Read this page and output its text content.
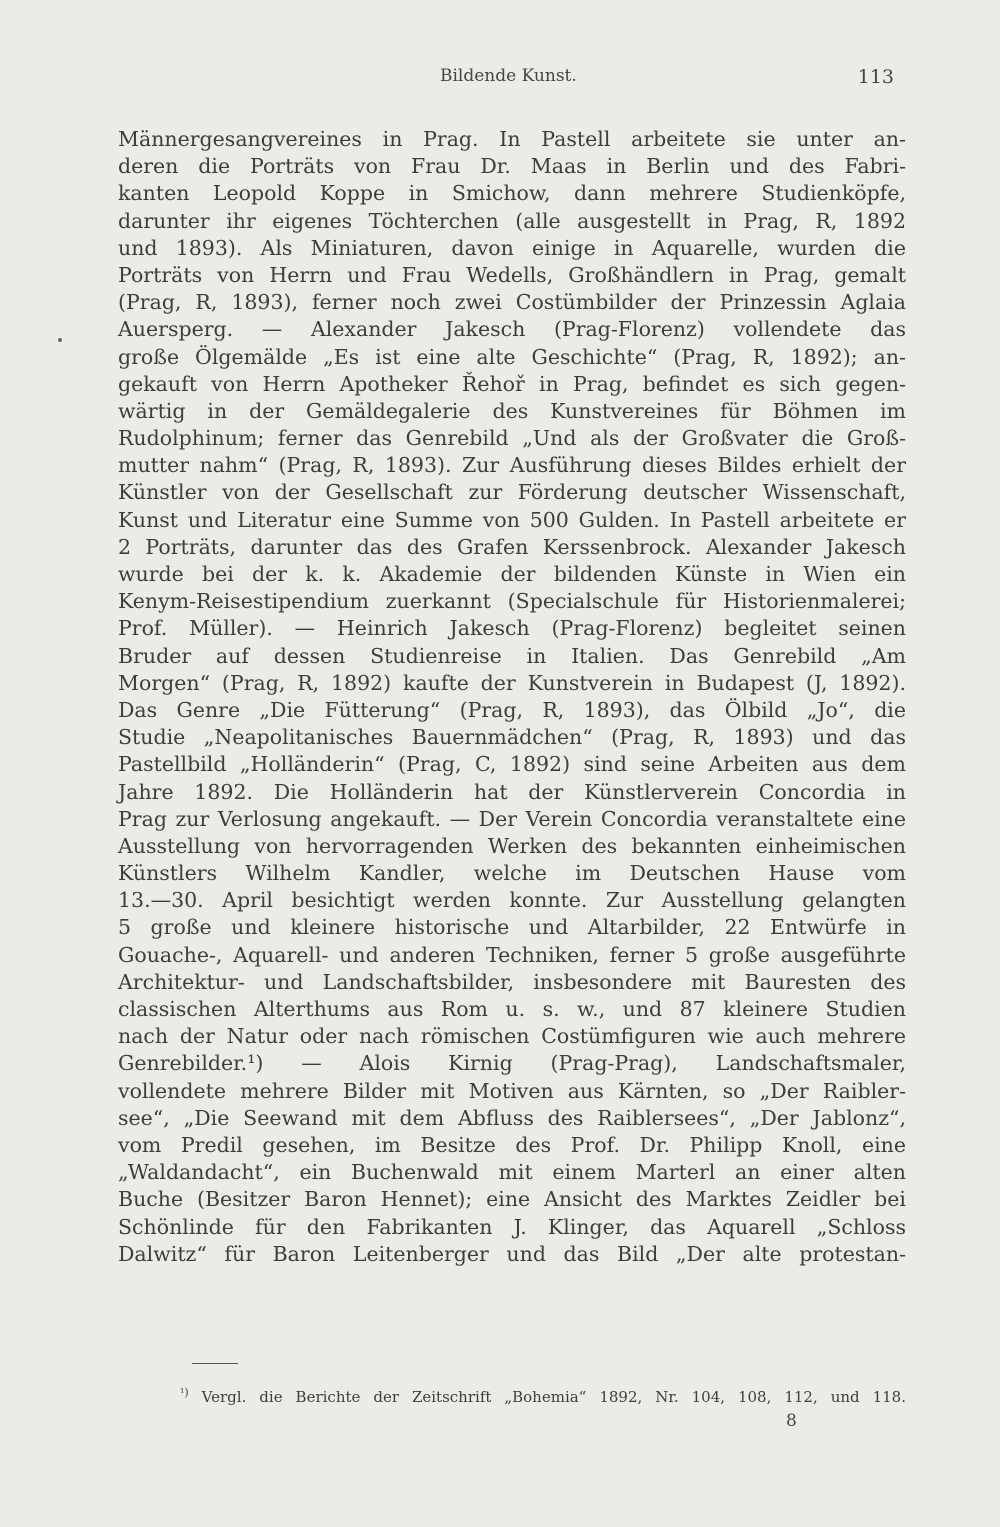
Bildende Kunst.	113
Männergesangvereines in Prag. In Pastell arbeitete sie unter an-
deren die Porträts von Frau Dr. Maas in Berlin und des Fabri-
kanten Leopold Koppe in Smichow, dann mehrere Studienköpfe,
darunter ihr eigenes Töchterchen (alle ausgestellt in Prag, R, 1892
und 1893). Als Miniaturen, davon einige in Aquarelle, wurden die
Porträts von Herrn und Frau Wedells, Großhändlern in Prag, gemalt
(Prag, R, 1893), ferner noch zwei Costümbilder der Prinzessin Aglaia
Auersperg. — Alexander Jakesch (Prag-Florenz) vollendete das
große Ölgemälde „Es ist eine alte Geschichte“ (Prag, R, 1892); an-
gekauft von Herrn Apotheker Řehoř in Prag, befindet es sich gegen-
wärtig in der Gemäldegalerie des Kunstvereines für Böhmen im
Rudolphinum; ferner das Genrebild „Und als der Großvater die Groß-
mutter nahm“ (Prag, R, 1893). Zur Ausführung dieses Bildes erhielt der
Künstler von der Gesellschaft zur Förderung deutscher Wissenschaft,
Kunst und Literatur eine Summe von 500 Gulden. In Pastell arbeitete er
2 Porträts, darunter das des Grafen Kerssenbrock. Alexander Jakesch
wurde bei der k. k. Akademie der bildenden Künste in Wien ein
Kenym-Reisestipendium zuerkannt (Specialschule für Historienmalerei;
Prof. Müller). — Heinrich Jakesch (Prag-Florenz) begleitet seinen
Bruder auf dessen Studienreise in Italien. Das Genrebild „Am
Morgen“ (Prag, R, 1892) kaufte der Kunstverein in Budapest (J, 1892).
Das Genre „Die Fütterung“ (Prag, R, 1893), das Ölbild „Jo“, die
Studie „Neapolitanisches Bauernmädchen“ (Prag, R, 1893) und das
Pastellbild „Holländerin“ (Prag, C, 1892) sind seine Arbeiten aus dem
Jahre 1892. Die Holländerin hat der Künstlerverein Concordia in
Prag zur Verlosung angekauft. — Der Verein Concordia veranstaltete eine
Ausstellung von hervorragenden Werken des bekannten einheimischen
Künstlers Wilhelm Kandler, welche im Deutschen Hause vom
13.—30. April besichtigt werden konnte. Zur Ausstellung gelangten
5 große und kleinere historische und Altarbilder, 22 Entwürfe in
Gouache-, Aquarell- und anderen Techniken, ferner 5 große ausgeführte
Architektur- und Landschaftsbilder, insbesondere mit Bauresten des
classischen Alterthums aus Rom u. s. w., und 87 kleinere Studien
nach der Natur oder nach römischen Costümfiguren wie auch mehrere
Genrebilder.¹) — Alois Kirnig (Prag-Prag), Landschaftsmaler,
vollendete mehrere Bilder mit Motiven aus Kärnten, so „Der Raibler-
see“, „Die Seewand mit dem Abfluss des Raiblersees“, „Der Jablonz“,
vom Predil gesehen, im Besitze des Prof. Dr. Philipp Knoll, eine
„Waldandacht“, ein Buchenwald mit einem Marterl an einer alten
Buche (Besitzer Baron Hennet); eine Ansicht des Marktes Zeidler bei
Schönlinde für den Fabrikanten J. Klinger, das Aquarell „Schloss
Dalwitz“ für Baron Leitenberger und das Bild „Der alte protestan-
$^{^1)}$ Vergl. die Berichte der Zeitschrift „Bohemia“ 1892, Nr. 104, 108, 112, und 118.
8
